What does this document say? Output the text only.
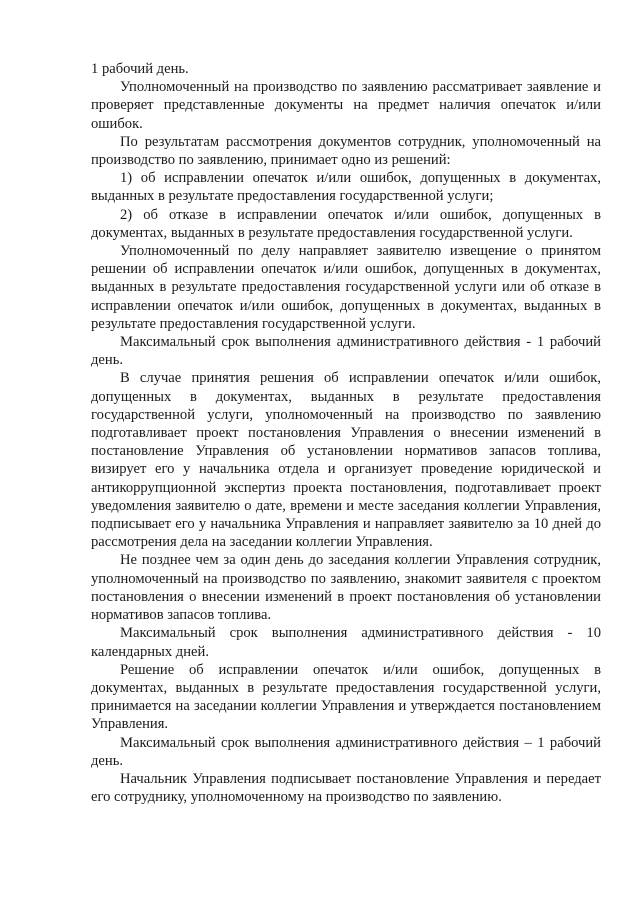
1 рабочий день.

Уполномоченный на производство по заявлению рассматривает заявление и проверяет представленные документы на предмет наличия опечаток и/или ошибок.

По результатам рассмотрения документов сотрудник, уполномоченный на производство по заявлению, принимает одно из решений:

1) об исправлении опечаток и/или ошибок, допущенных в документах, выданных в результате предоставления государственной услуги;

2) об отказе в исправлении опечаток и/или ошибок, допущенных в документах, выданных в результате предоставления государственной услуги.

Уполномоченный по делу направляет заявителю извещение о принятом решении об исправлении опечаток и/или ошибок, допущенных в документах, выданных в результате предоставления государственной услуги или об отказе в исправлении опечаток и/или ошибок, допущенных в документах, выданных в результате предоставления государственной услуги.

Максимальный срок выполнения административного действия - 1 рабочий день.

В случае принятия решения об исправлении опечаток и/или ошибок, допущенных в документах, выданных в результате предоставления государственной услуги, уполномоченный на производство по заявлению подготавливает проект постановления Управления о внесении изменений в постановление Управления об установлении нормативов запасов топлива, визирует его у начальника отдела и организует проведение юридической и антикоррупционной экспертиз проекта постановления, подготавливает проект уведомления заявителю о дате, времени и месте заседания коллегии Управления, подписывает его у начальника Управления и направляет заявителю за 10 дней до рассмотрения дела на заседании коллегии Управления.

Не позднее чем за один день до заседания коллегии Управления сотрудник, уполномоченный на производство по заявлению, знакомит заявителя с проектом постановления о внесении изменений в проект постановления об установлении нормативов запасов топлива.

Максимальный срок выполнения административного действия - 10 календарных дней.

Решение об исправлении опечаток и/или ошибок, допущенных в документах, выданных в результате предоставления государственной услуги, принимается на заседании коллегии Управления и утверждается постановлением Управления.

Максимальный срок выполнения административного действия – 1 рабочий день.

Начальник Управления подписывает постановление Управления и передает его сотруднику, уполномоченному на производство по заявлению.
